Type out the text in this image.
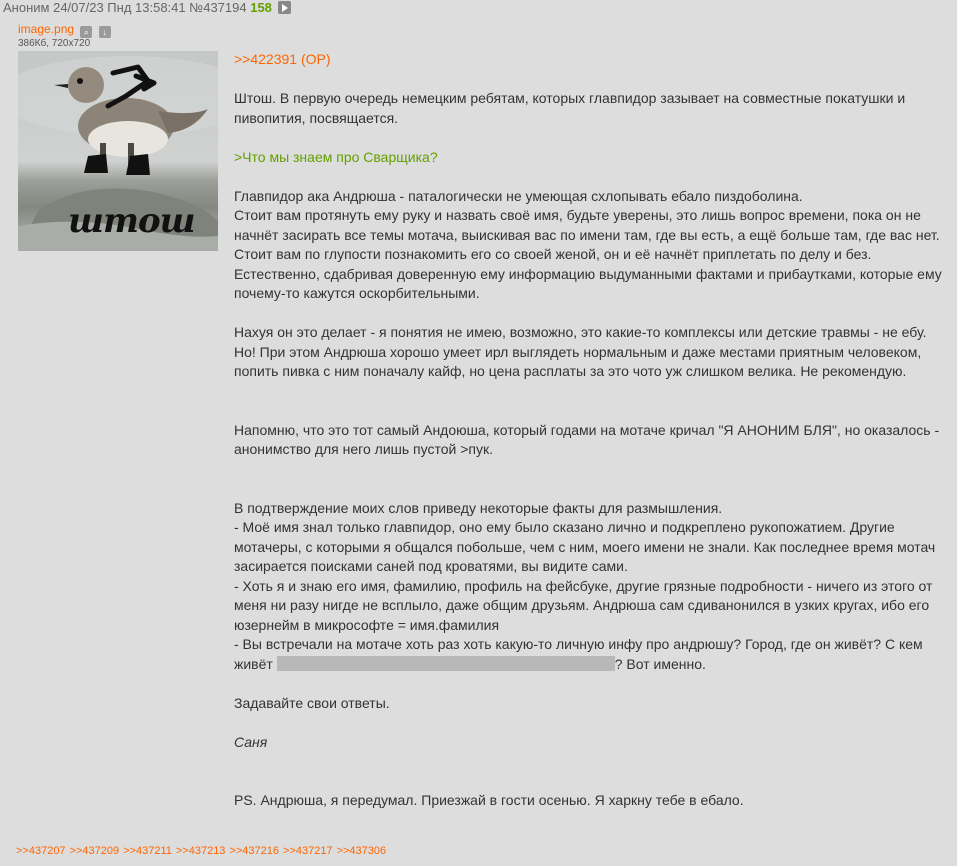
Аноним 24/07/23 Пнд 13:58:41 №437194 158
image.png ⌕ ↓
386Кб, 720x720
штош

>>422391 (OP)

Штош. В первую очередь немецким ребятам, которых главпидор зазывает на совместные покатушки и пивопития, посвящается.

>Что мы знаем про Сварщика?

Главпидор ака Андрюша - паталогически не умеющая схлопывать ебало пиздоболина.

Стоит вам протянуть ему руку и назвать своё имя, будьте уверены, это лишь вопрос времени, пока он не начнёт засирать все темы мотача, выискивая вас по имени там, где вы есть, а ещё больше там, где вас нет.

Стоит вам по глупости познакомить его со своей женой, он и её начнёт приплетать по делу и без. Естественно, сдабривая доверенную ему информацию выдуманными фактами и прибаутками, которые ему почему-то кажутся оскорбительными.

Нахуя он это делает - я понятия не имею, возможно, это какие-то комплексы или детские травмы - не ебу. Но! При этом Андрюша хорошо умеет ирл выглядеть нормальным и даже местами приятным человеком, попить пивка с ним поначалу кайф, но цена расплаты за это чото уж слишком велика. Не рекомендую.

Напомню, что это тот самый Андоюша, который годами на мотаче кричал "Я АНОНИМ БЛЯ", но оказалось - анонимство для него лишь пустой >пук.

В подтверждение моих слов приведу некоторые факты для размышления.

- Моё имя знал только главпидор, оно ему было сказано лично и подкреплено рукопожатием. Другие мотачеры, с которыми я общался побольше, чем с ним, моего имени не знали. Как последнее время мотач засирается поисками саней под кроватями, вы видите сами.

- Хоть я и знаю его имя, фамилию, профиль на фейсбуке, другие грязные подробности - ничего из этого от меня ни разу нигде не всплыло, даже общим друзьям. Андрюша сам сдиванонился в узких кругах, ибо его юзернейм в микрософте = имя.фамилия

- Вы встречали на мотаче хоть раз хоть какую-то личную инфу про андрюшу? Город, где он живёт? С кем живёт	? Вот именно.

Задавайте свои ответы.

Саня

PS. Андрюша, я передумал. Приезжай в гости осенью. Я харкну тебе в ебало.

>>437207 >>437209 >>437211 >>437213 >>437216 >>437217 >>437306
